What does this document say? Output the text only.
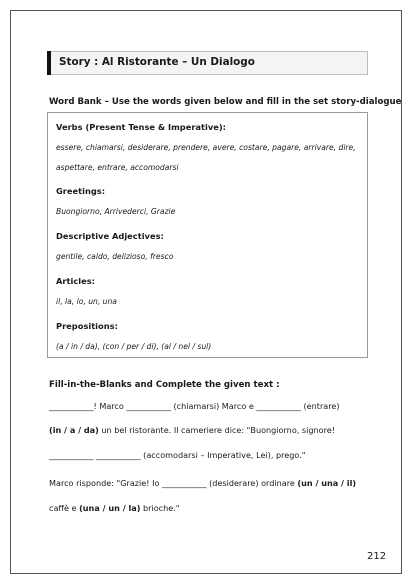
Story : Al Ristorante – Un Dialogo
Word Bank – Use the words given below and fill in the set story-dialogue
Verbs (Present Tense & Imperative):
essere, chiamarsi, desiderare, prendere, avere, costare, pagare, arrivare, dire,
aspettare, entrare, accomodarsi
Greetings:
Buongiorno, Arrivederci, Grazie
Descriptive Adjectives:
gentile, caldo, delizioso, fresco
Articles:
il, la, lo, un, una
Prepositions:
(a / in / da), (con / per / di), (al / nel / sul)
Fill-in-the-Blanks and Complete the given text :
___________! Marco ___________ (chiamarsi) Marco e ___________ (entrare)
(in / a / da) un bel ristorante. Il cameriere dice: "Buongiorno, signore!
___________ ___________ (accomodarsi – Imperative, Lei), prego."
Marco risponde: "Grazie! Io ___________ (desiderare) ordinare (un / una / il)
caffè e (una / un / la) brioche."
212
